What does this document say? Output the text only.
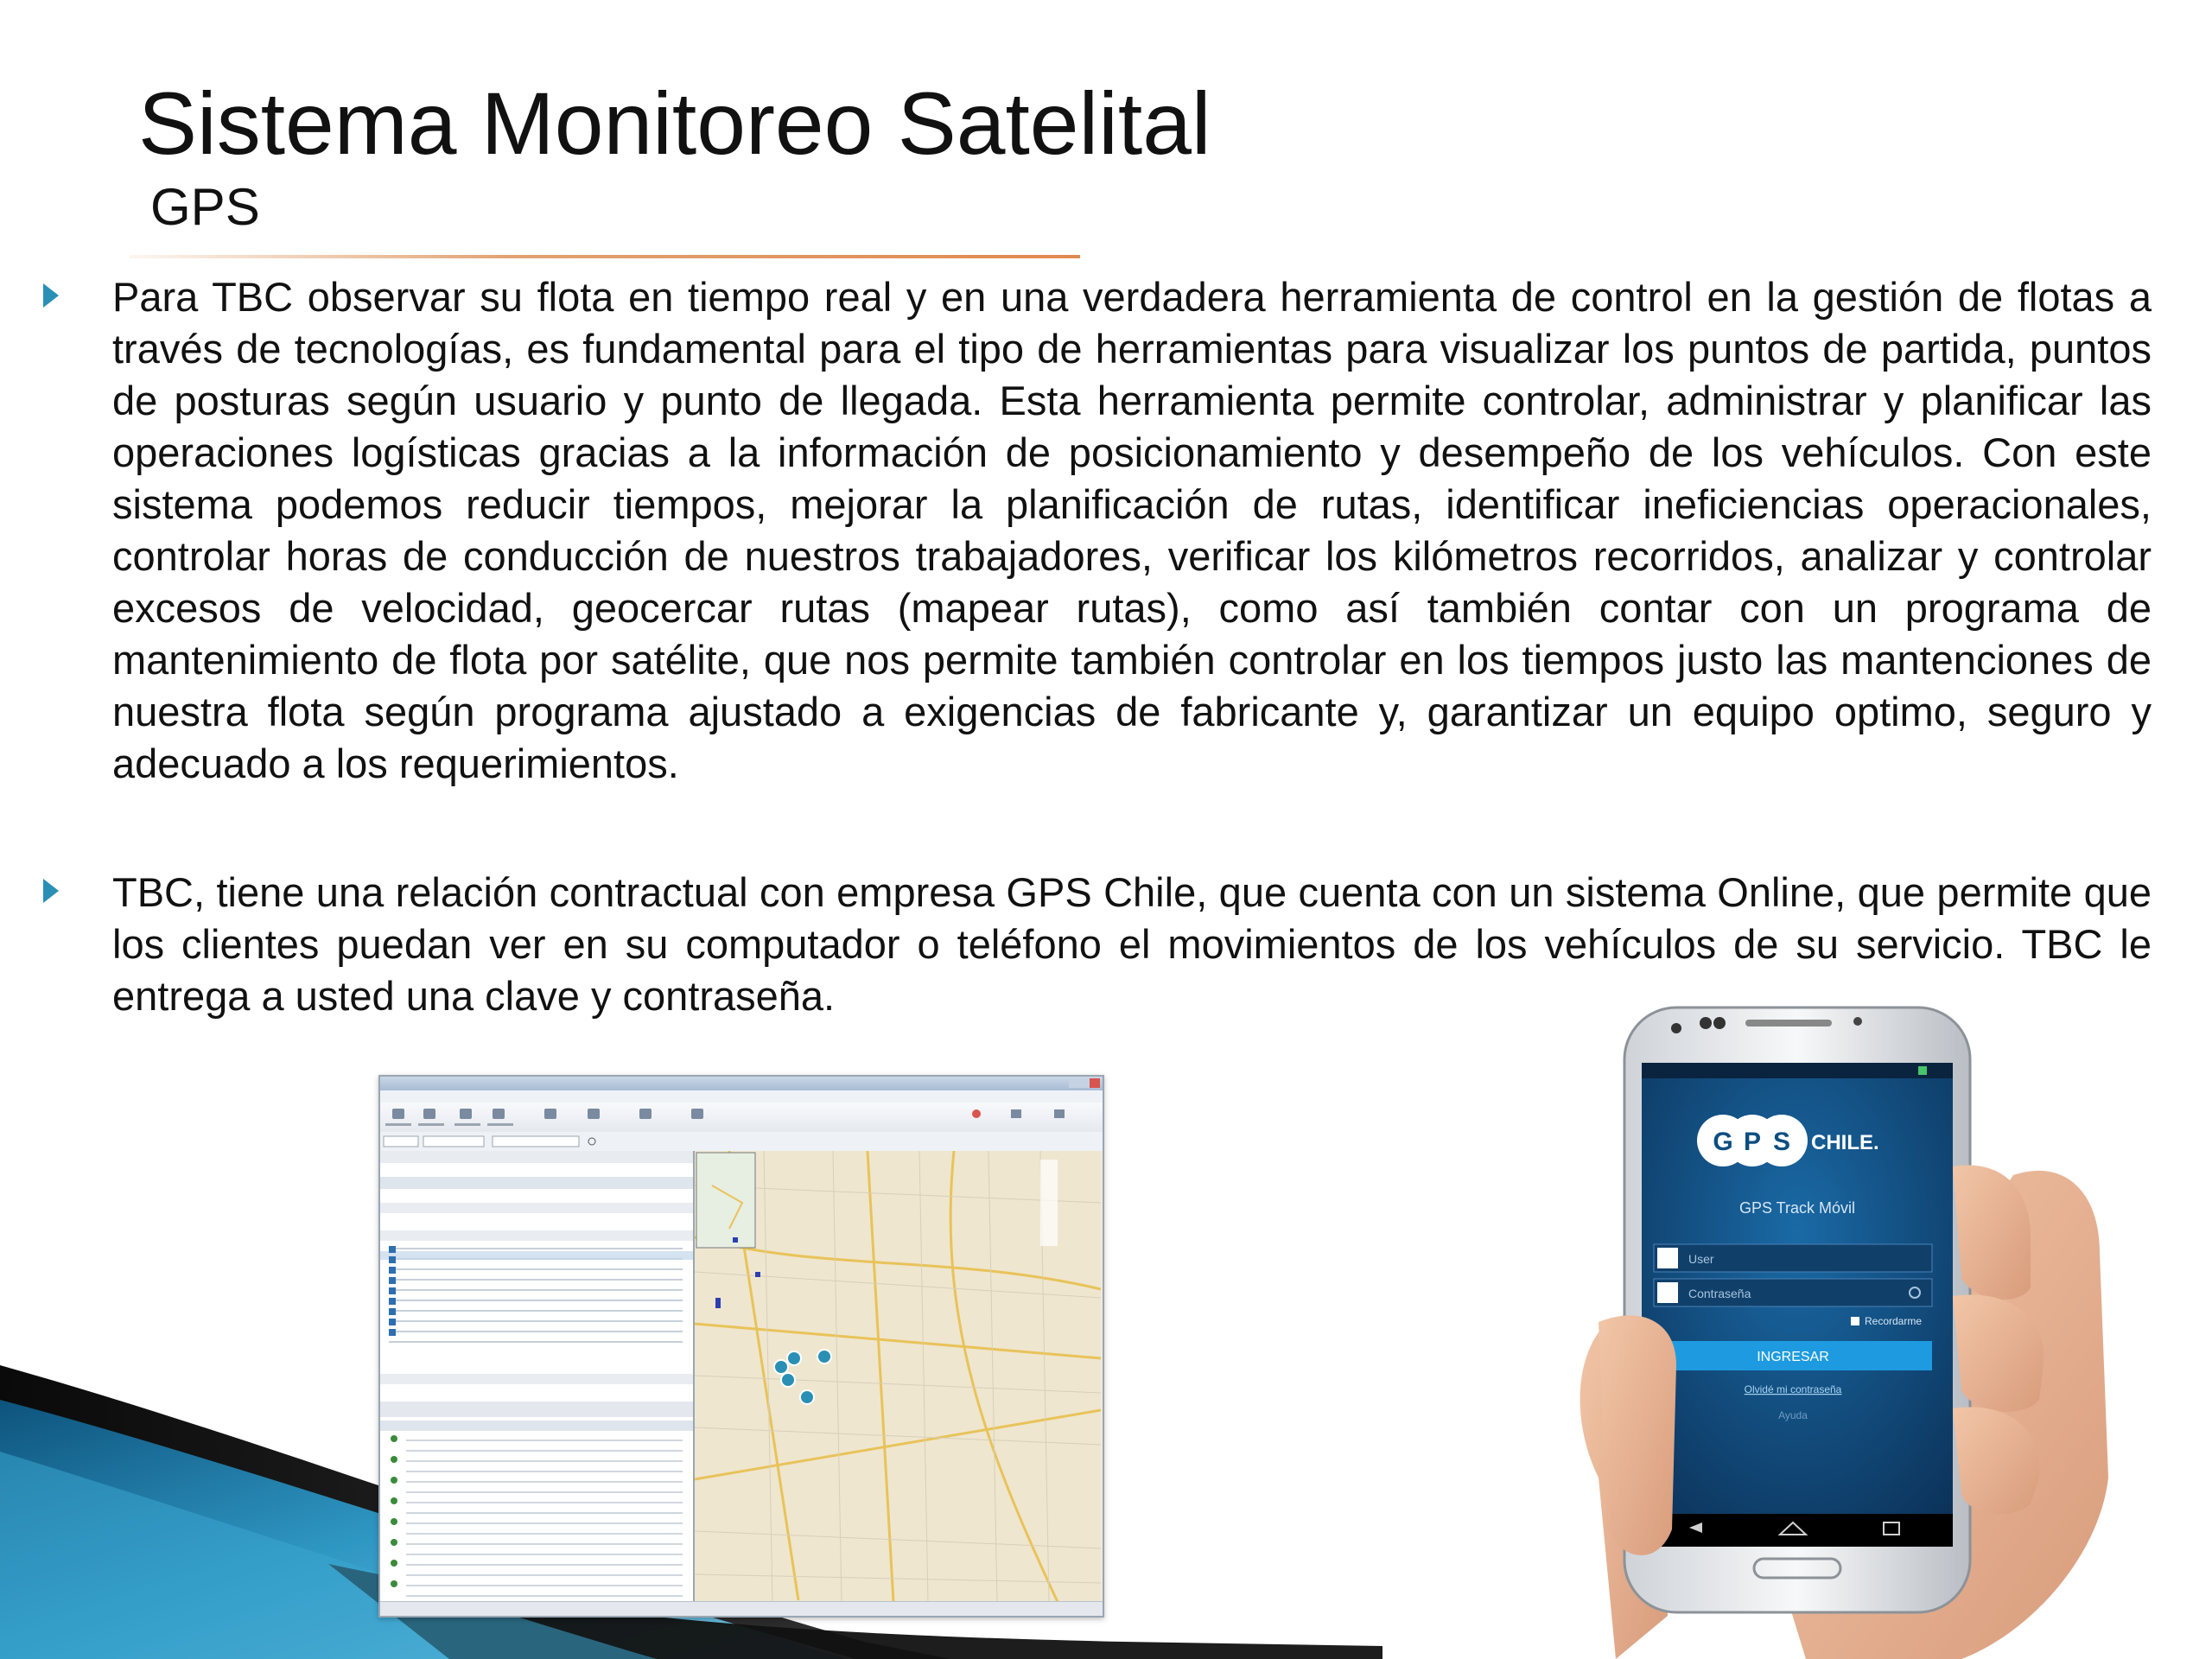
Sistema Monitoreo Satelital
GPS

Para TBC observar su flota en tiempo real y en una verdadera herramienta de control en la gestión de flotas a través de tecnologías, es fundamental para el tipo de herramientas para visualizar los puntos de partida, puntos de posturas según usuario y punto de llegada. Esta herramienta permite controlar, administrar y planificar las operaciones logísticas gracias a la información de posicionamiento y desempeño de los vehículos. Con este sistema podemos reducir tiempos, mejorar la planificación de rutas, identificar ineficiencias operacionales, controlar horas de conducción de nuestros trabajadores, verificar los kilómetros recorridos, analizar y controlar excesos de velocidad, geocercar rutas (mapear rutas), como así también contar con un programa de mantenimiento de flota por satélite, que nos permite también controlar en los tiempos justo las mantenciones de nuestra flota según programa ajustado a exigencias de fabricante y, garantizar un equipo optimo, seguro y adecuado a los requerimientos.

TBC, tiene una relación contractual con empresa GPS Chile, que cuenta con un sistema Online, que permite que los clientes puedan ver en su computador o teléfono el movimientos de los vehículos de su servicio. TBC le entrega a usted una clave y contraseña.

G P S CHILE.
GPS Track Móvil
User
Contraseña
Recordarme
INGRESAR
Olvidé mi contraseña
Ayuda
